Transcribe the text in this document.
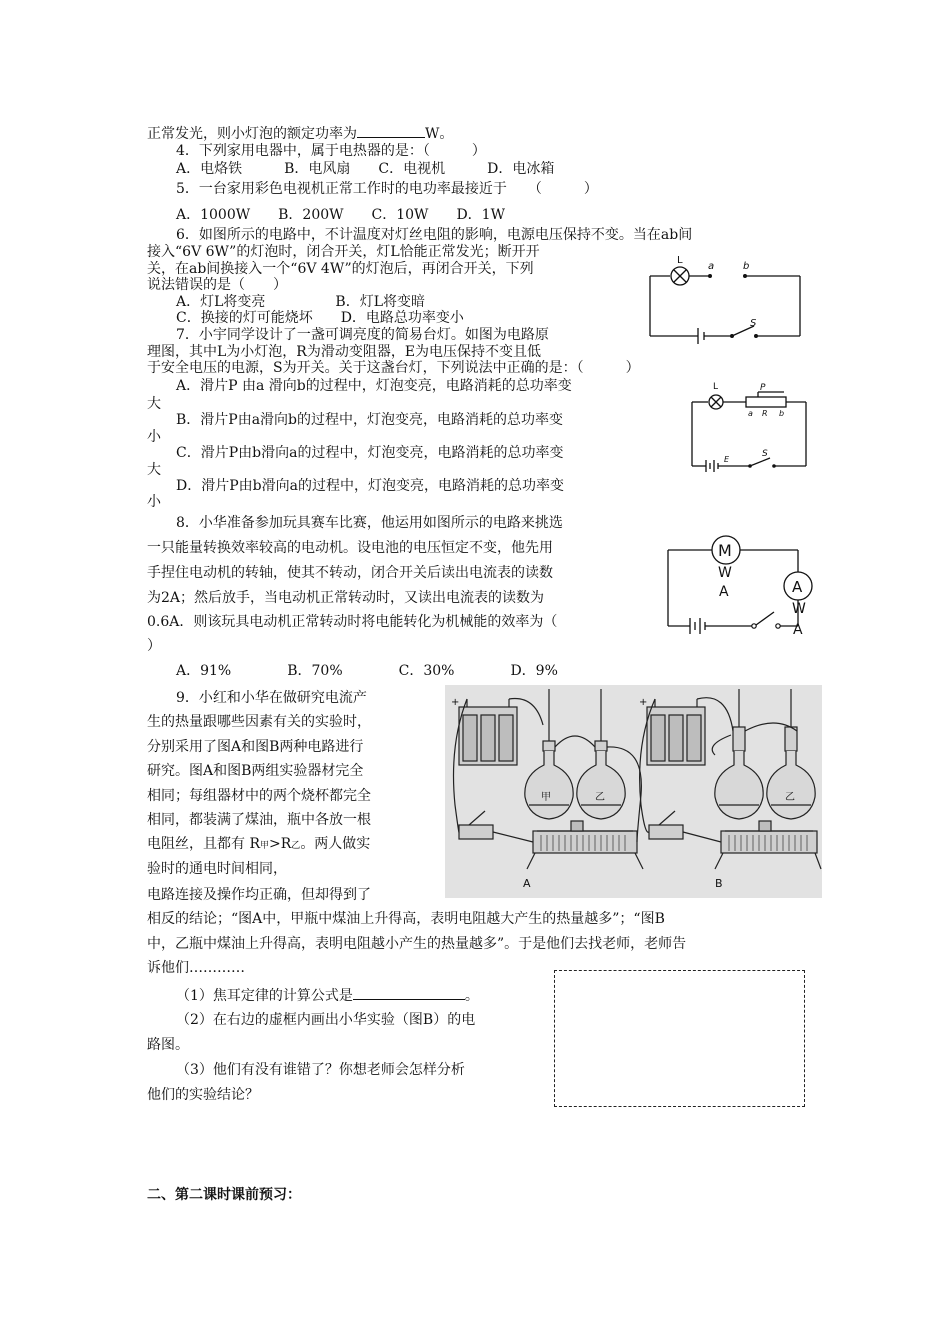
正常发光，则小灯泡的额定功率为	W。
4．下列家用电器中，属于电热器的是：（　　　）
A．电烙铁　　　B．电风扇　　C．电视机　　　D．电冰箱
5．一台家用彩色电视机正常工作时的电功率最接近于　　（　　　）
A．1000W　　B．200W　　C．10W　　D．1W
6．如图所示的电路中，不计温度对灯丝电阻的影响，电源电压保持不变。当在ab间
接入“6V 6W”的灯泡时，闭合开关，灯L恰能正常发光；断开开
关，在ab间换接入一个“6V 4W”的灯泡后，再闭合开关，下列
说法错误的是（　　）
A．灯L将变亮　　　　　B．灯L将变暗
C．换接的灯可能烧坏　　D．电路总功率变小
L
a	b
S
7．小宇同学设计了一盏可调亮度的简易台灯。如图为电路原
理图，其中L为小灯泡，R为滑动变阻器，E为电压保持不变且低
于安全电压的电源，S为开关。关于这盏台灯，下列说法中正确的是：（　　　）
A．滑片P 由a 滑向b的过程中，灯泡变亮，电路消耗的总功率变
大
B．滑片P由a滑向b的过程中，灯泡变亮，电路消耗的总功率变
小
C．滑片P由b滑向a的过程中，灯泡变亮，电路消耗的总功率变
大
D．滑片P由b滑向a的过程中，灯泡变亮，电路消耗的总功率变
小
L	P
a R b
E
S
8．小华准备参加玩具赛车比赛，他运用如图所示的电路来挑选
一只能量转换效率较高的电动机。设电池的电压恒定不变，他先用
手捏住电动机的转轴，使其不转动，闭合开关后读出电流表的读数
为2A；然后放手，当电动机正常转动时，又读出电流表的读数为
0.6A．则该玩具电动机正常转动时将电能转化为机械能的效率为（
）
A．91%　　　　B．70%　　　　C．30%　　　　D．9%
M
W
A	A
W
A
9．小红和小华在做研究电流产
生的热量跟哪些因素有关的实验时，
分别采用了图A和图B两种电路进行
研究。图A和图B两组实验器材完全
相同；每组器材中的两个烧杯都完全
相同，都装满了煤油，瓶中各放一根
电阻丝，且都有 R甲>R乙。两人做实
验时的通电时间相同，
电路连接及操作均正确，但却得到了
相反的结论；“图A中，甲瓶中煤油上升得高，表明电阻越大产生的热量越多”；“图B
中，乙瓶中煤油上升得高，表明电阻越小产生的热量越多”。于是他们去找老师，老师告
诉他们…………
（1）焦耳定律的计算公式是	。
（2）在右边的虚框内画出小华实验（图B）的电
路图。
（3）他们有没有谁错了？你想老师会怎样分析
他们的实验结论？
+	+
甲	乙	乙
A	B
二、第二课时课前预习：
